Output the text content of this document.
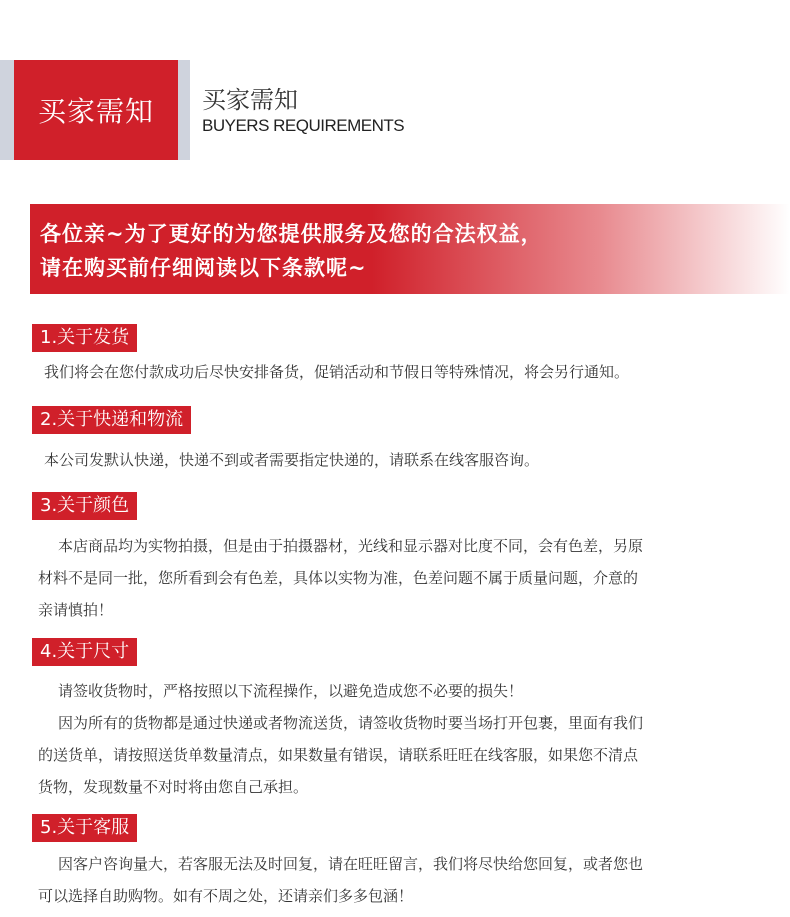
买家需知 买家需知
BUYERS REQUIREMENTS
各位亲~为了更好的为您提供服务及您的合法权益，
请在购买前仔细阅读以下条款呢~
1.关于发货
我们将会在您付款成功后尽快安排备货，促销活动和节假日等特殊情况，将会另行通知。
2.关于快递和物流
本公司发默认快递，快递不到或者需要指定快递的，请联系在线客服咨询。
3.关于颜色
本店商品均为实物拍摄，但是由于拍摄器材，光线和显示器对比度不同，会有色差，另原
材料不是同一批，您所看到会有色差，具体以实物为准，色差问题不属于质量问题，介意的
亲请慎拍！
4.关于尺寸
请签收货物时，严格按照以下流程操作，以避免造成您不必要的损失！
因为所有的货物都是通过快递或者物流送货，请签收货物时要当场打开包裹，里面有我们
的送货单，请按照送货单数量清点，如果数量有错误，请联系旺旺在线客服，如果您不清点
货物，发现数量不对时将由您自己承担。
5.关于客服
因客户咨询量大，若客服无法及时回复，请在旺旺留言，我们将尽快给您回复，或者您也
可以选择自助购物。如有不周之处，还请亲们多多包涵！
